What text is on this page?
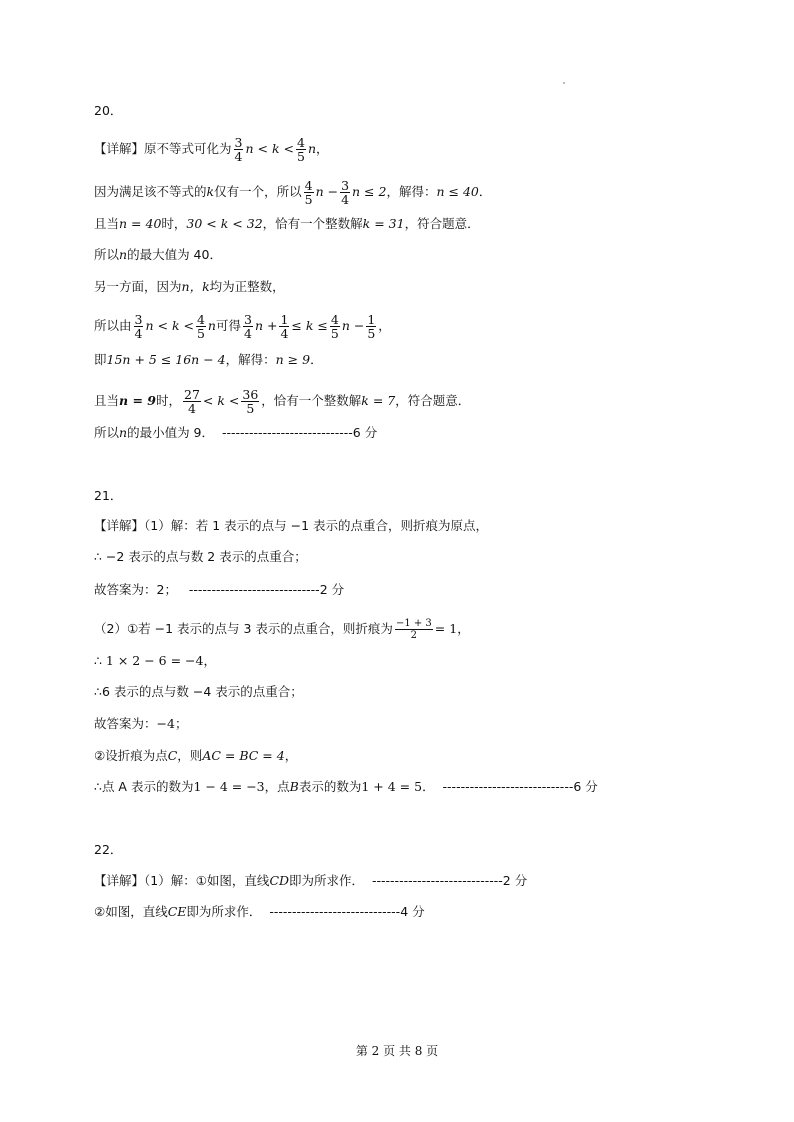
20．
【详解】原不等式可化为 $\frac{3}{4}$ $n < k < \frac{4}{5}$ n，
因为满足该不等式的k仅有一个，所以 $\frac{4}{5}$ $n - \frac{3}{4}$ n ≤ 2，解得：n ≤ 40．
且当n = 40时，30 < k < 32，恰有一个整数解k = 31，符合题意．
所以n的最大值为 40．
另一方面，因为n，k均为正整数，
所以由 $\frac{3}{4}$ $n < k < \frac{4}{5}$ n可得 $\frac{3}{4}$ $n + \frac{1}{4} \le k \le \frac{4}{5}$ $n - \frac{1}{5}$ ，
即15n + 5 ≤ 16n − 4，解得：n ≥ 9．
且当n = 9时， $\frac{27}{4} < k < \frac{36}{5}$ ，恰有一个整数解k = 7，符合题意．
所以n的最小值为 9． -----------------------------6 分
21．
【详解】（1）解：若 1 表示的点与 −1 表示的点重合，则折痕为原点，
∴ −2 表示的点与数 2 表示的点重合；
故答案为：2； -----------------------------2 分
（2）①若 −1 表示的点与 3 表示的点重合，则折痕为 $\frac{-1 + 3}{2} = 1$，
∴ 1 × 2 − 6 = −4，
∴6 表示的点与数 −4 表示的点重合；
故答案为：−4；
②设折痕为点C，则AC = BC = 4，
∴点 A 表示的数为1 − 4 = −3，点B表示的数为1 + 4 = 5． -----------------------------6 分
22．
【详解】（1）解：①如图，直线CD即为所求作． -----------------------------2 分
②如图，直线CE即为所求作． -----------------------------4 分
第 2 页 共 8 页
